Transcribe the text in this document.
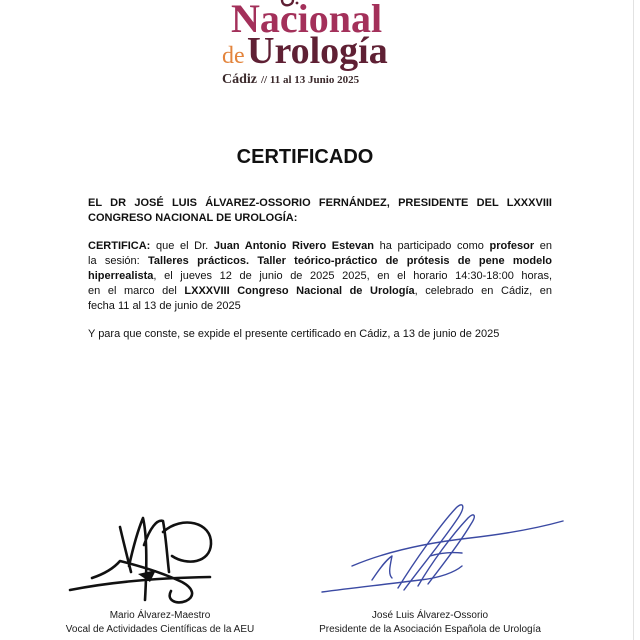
Nacional
de Urología
Cádiz // 11 al 13 Junio 2025
CERTIFICADO
EL DR JOSÉ LUIS ÁLVAREZ-OSSORIO FERNÁNDEZ, PRESIDENTE DEL LXXXVIII
CONGRESO NACIONAL DE UROLOGÍA:
CERTIFICA: que el Dr. Juan Antonio Rivero Estevan ha participado como profesor en
la sesión: Talleres prácticos. Taller teórico-práctico de prótesis de pene modelo
hiperrealista, el jueves 12 de junio de 2025 2025, en el horario 14:30-18:00 horas,
en el marco del LXXXVIII Congreso Nacional de Urología, celebrado en Cádiz, en
fecha 11 al 13 de junio de 2025
Y para que conste, se expide el presente certificado en Cádiz, a 13 de junio de 2025
Mario Álvarez-Maestro
Vocal de Actividades Científicas de la AEU
José Luis Álvarez-Ossorio
Presidente de la Asociación Española de Urología
